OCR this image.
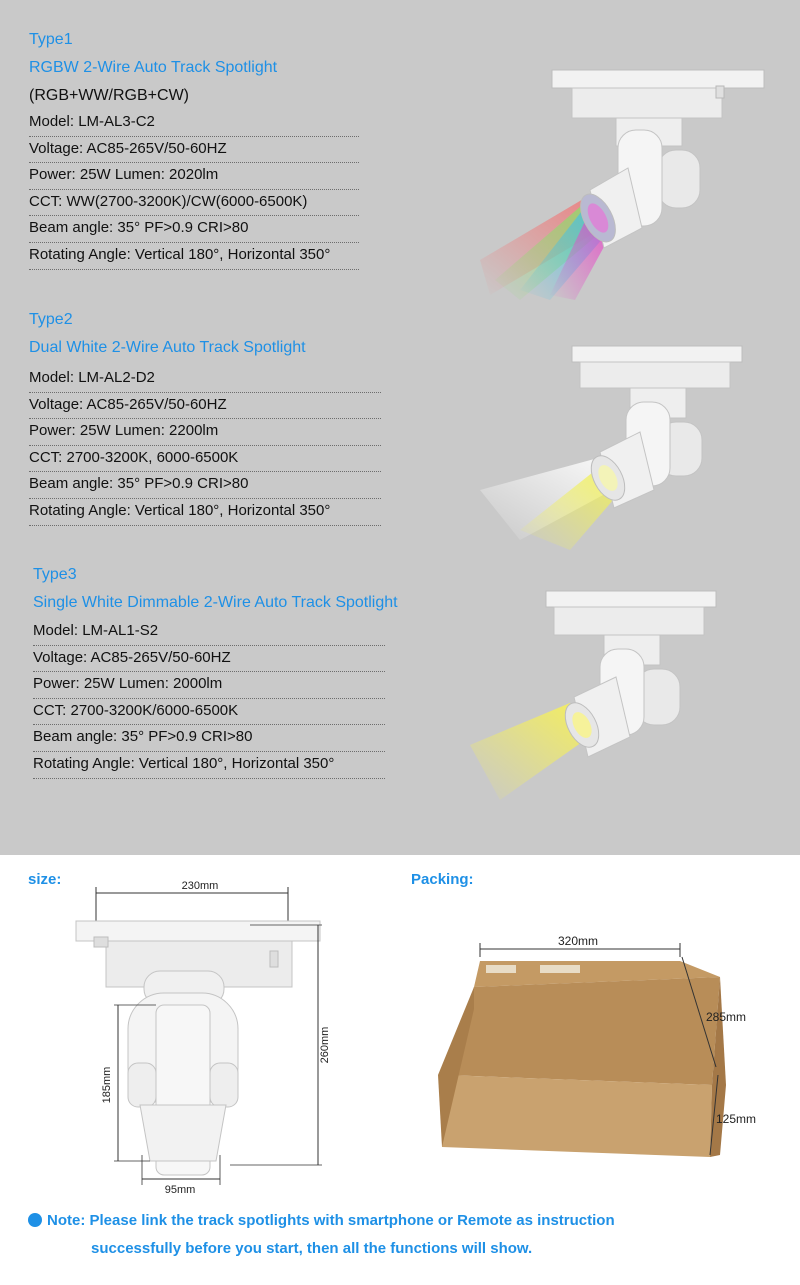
Type1
RGBW 2-Wire Auto Track Spotlight
(RGB+WW/RGB+CW)
Model: LM-AL3-C2
Voltage: AC85-265V/50-60HZ
Power: 25W Lumen: 2020lm
CCT: WW(2700-3200K)/CW(6000-6500K)
Beam angle: 35° PF>0.9 CRI>80
Rotating Angle: Vertical 180°, Horizontal 350°
Type2
Dual White 2-Wire Auto Track Spotlight
Model: LM-AL2-D2
Voltage: AC85-265V/50-60HZ
Power: 25W Lumen: 2200lm
CCT: 2700-3200K, 6000-6500K
Beam angle: 35° PF>0.9 CRI>80
Rotating Angle: Vertical 180°, Horizontal 350°
Type3
Single White Dimmable 2-Wire Auto Track Spotlight
Model: LM-AL1-S2
Voltage: AC85-265V/50-60HZ
Power: 25W Lumen: 2000lm
CCT: 2700-3200K/6000-6500K
Beam angle: 35° PF>0.9 CRI>80
Rotating Angle: Vertical 180°, Horizontal 350°
size:	230mm
260mm
185mm
95mm
Packing:
320mm
285mm
125mm
Note: Please link the track spotlights with smartphone or Remote as instruction
successfully before you start, then all the functions will show.
